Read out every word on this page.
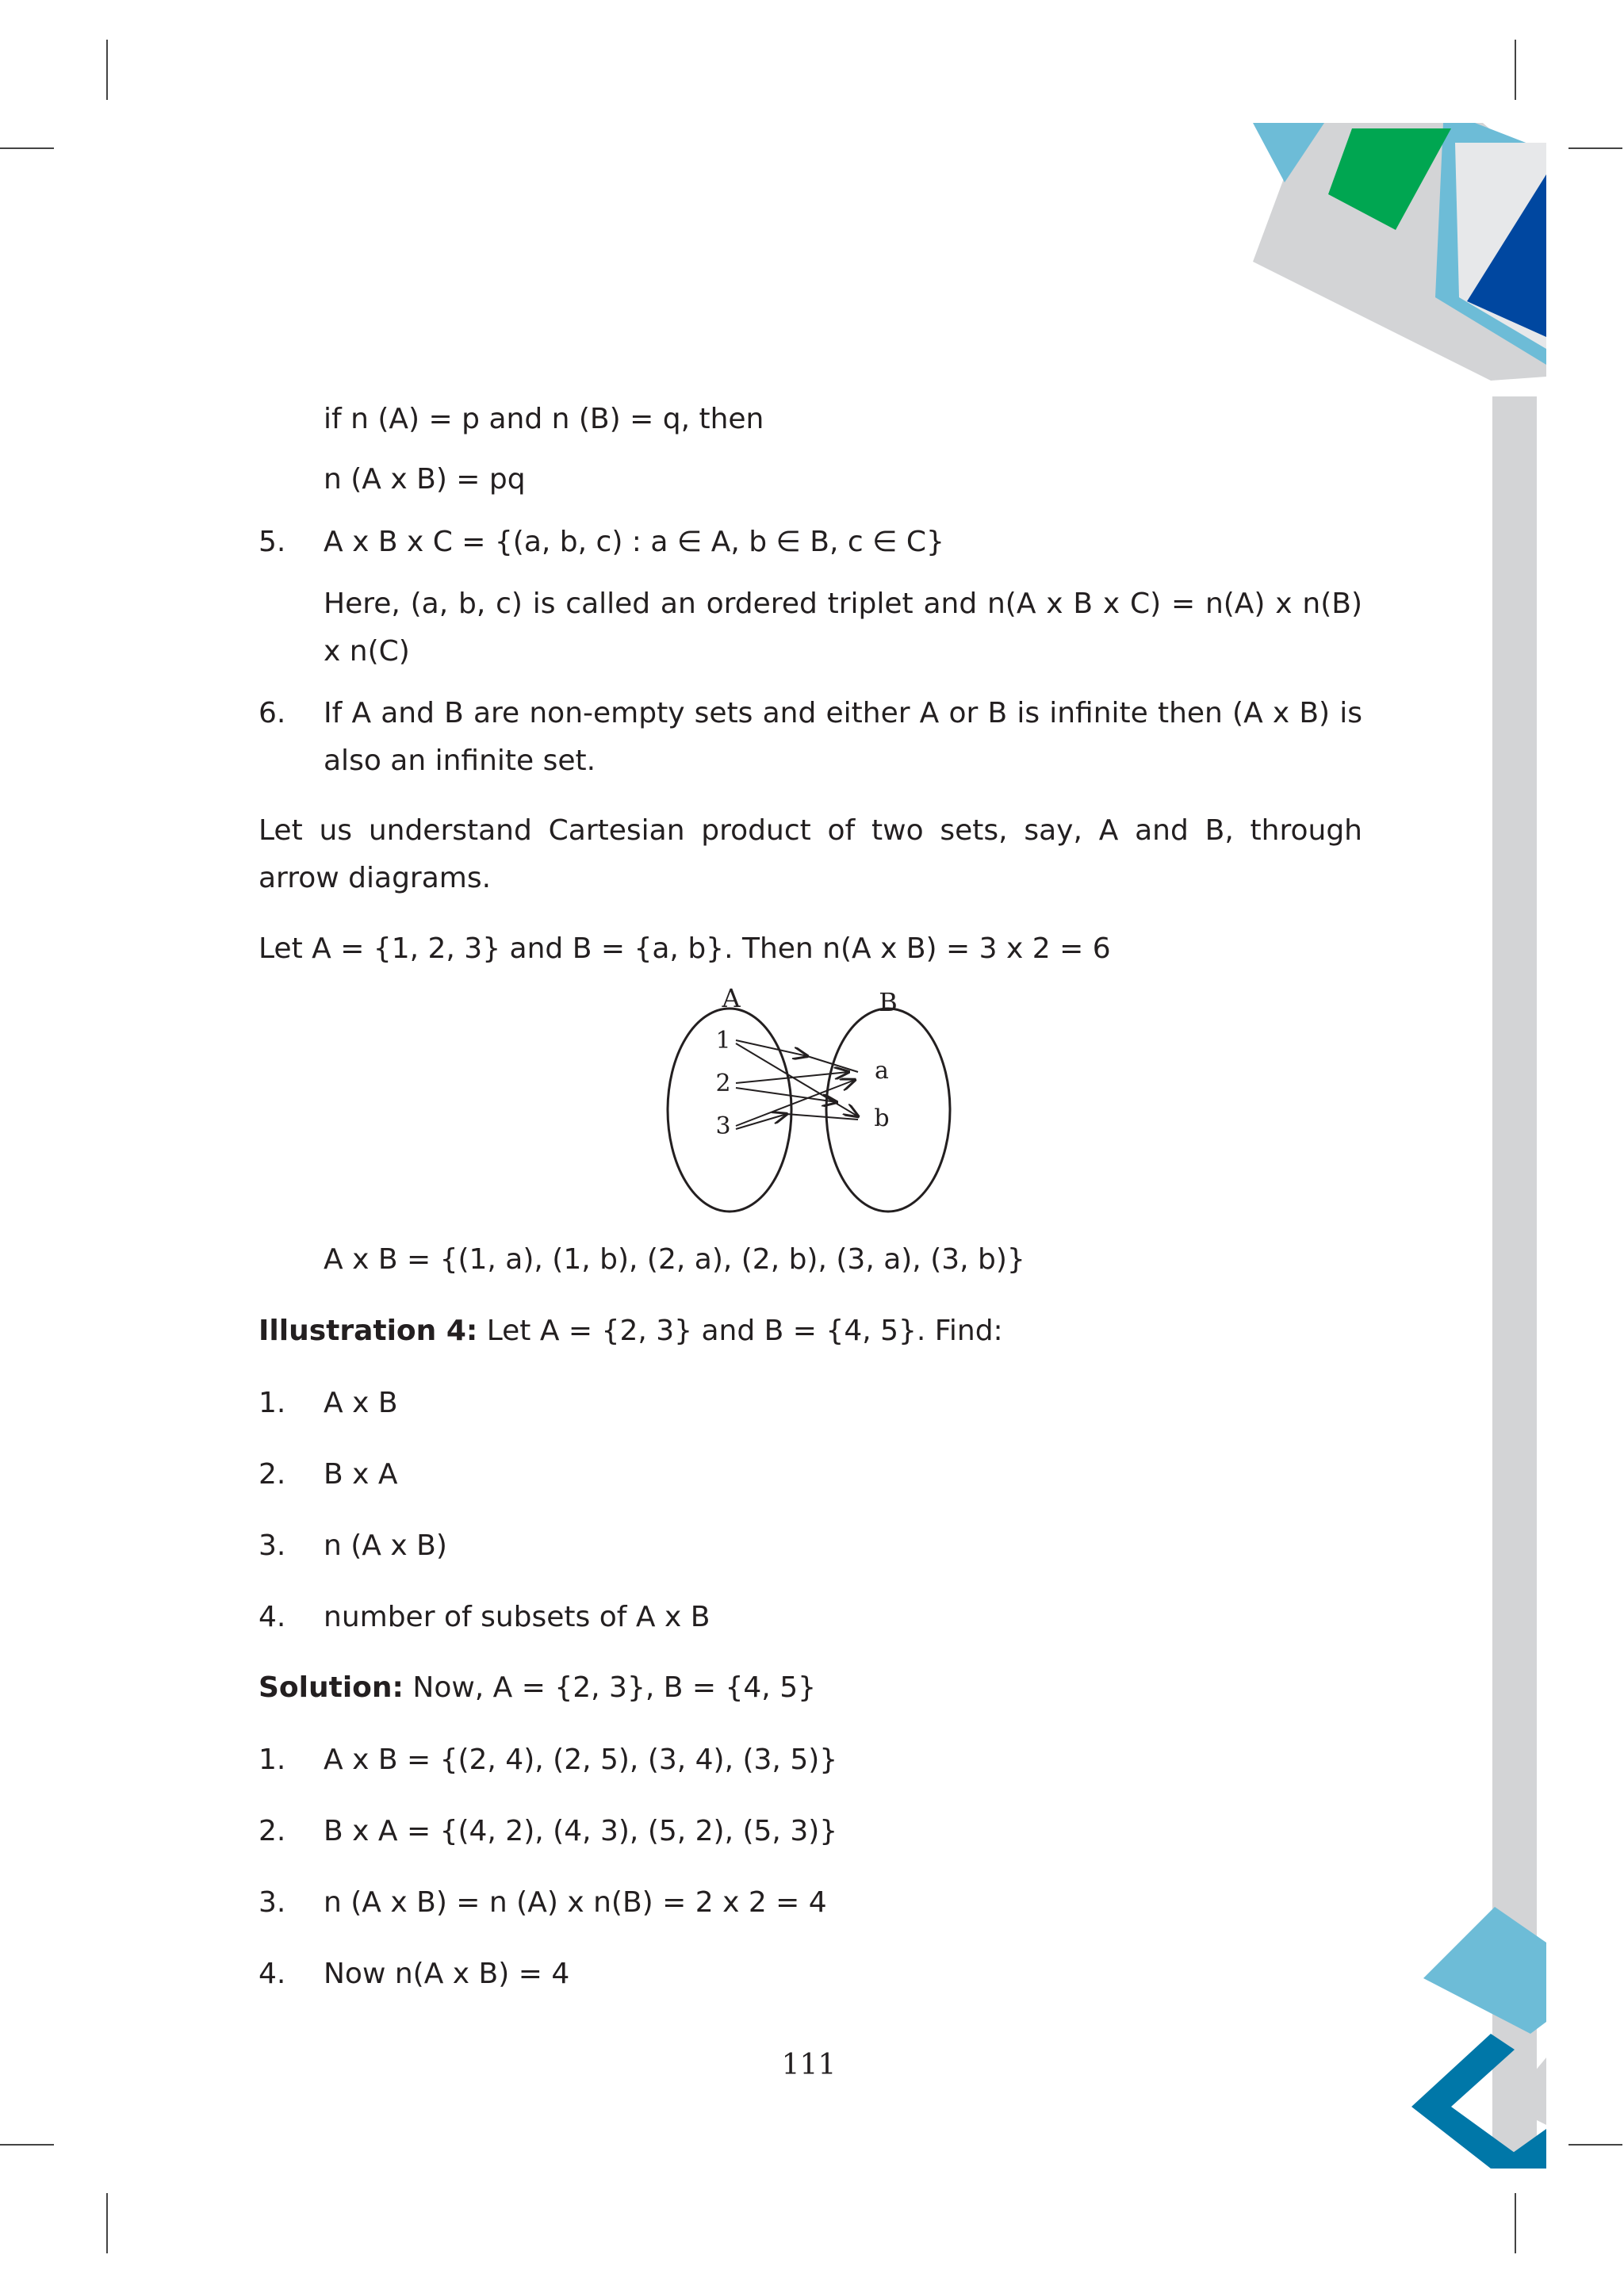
if n (A) = p and n (B) = q, then
n (A x B) = pq
5. A x B x C = {(a, b, c) : a ∈ A, b ∈ B, c ∈ C}
Here, (a, b, c) is called an ordered triplet and n(A x B x C) = n(A) x n(B) x n(C)
6. If A and B are non-empty sets and either A or B is infinite then (A x B) is also an infinite set.
Let us understand Cartesian product of two sets, say, A and B, through arrow diagrams.
Let A = {1, 2, 3} and B = {a, b}. Then n(A x B) = 3 x 2 = 6
A	B
1
2
3
a
b
A x B = {(1, a), (1, b), (2, a), (2, b), (3, a), (3, b)}
Illustration 4: Let A = {2, 3} and B = {4, 5}. Find:
1. A x B
2. B x A
3. n (A x B)
4. number of subsets of A x B
Solution: Now, A = {2, 3}, B = {4, 5}
1. A x B = {(2, 4), (2, 5), (3, 4), (3, 5)}
2. B x A = {(4, 2), (4, 3), (5, 2), (5, 3)}
3. n (A x B) = n (A) x n(B) = 2 x 2 = 4
4. Now n(A x B) = 4
111
